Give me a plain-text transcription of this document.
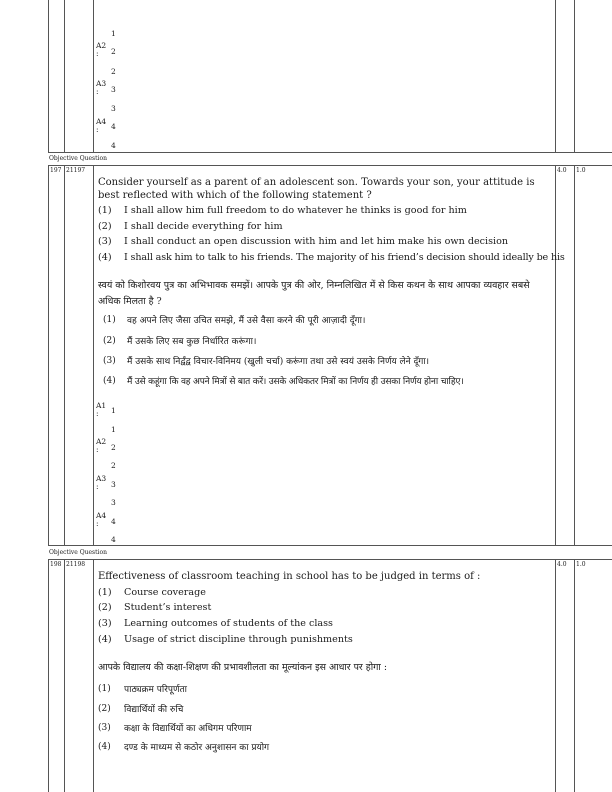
1
A2
:	2
2
A3
:	3
3
A4
:	4
4
Objective Question
197 21197	4.0 1.0
Consider yourself as a parent of an adolescent son. Towards your son, your attitude is best reflected with which of the following statement ?
(1) I shall allow him full freedom to do whatever he thinks is good for him
(2) I shall decide everything for him
(3) I shall conduct an open discussion with him and let him make his own decision
(4) I shall ask him to talk to his friends. The majority of his friend’s decision should ideally be his
स्वयं को किशोरवय पुत्र का अभिभावक समझें। आपके पुत्र की ओर, निम्नलिखित में से किस कथन के साथ आपका व्यवहार सबसे अधिक मिलता है ?
(1) वह अपने लिए जैसा उचित समझे, मैं उसे वैसा करने की पूरी आज़ादी दूँगा।
(2) मैं उसके लिए सब कुछ निर्धारित करूंगा।
(3) मैं उसके साथ निर्द्वंद्व विचार-विनिमय (खुली चर्चा) करूंगा तथा उसे स्वयं उसके निर्णय लेने दूँगा।
(4) मैं उसे कहूंगा कि वह अपने मित्रों से बात करें। उसके अधिकतर मित्रों का निर्णय ही उसका निर्णय होना चाहिए।
A1
:	1
1
A2
:	2
2
A3
:	3
3
A4
:	4
4
Objective Question
198 21198	4.0 1.0
Effectiveness of classroom teaching in school has to be judged in terms of :
(1) Course coverage
(2) Student’s interest
(3) Learning outcomes of students of the class
(4) Usage of strict discipline through punishments
आपके विद्यालय की कक्षा-शिक्षण की प्रभावशीलता का मूल्यांकन इस आधार पर होगा :
(1) पाठ्यक्रम परिपूर्णता
(2) विद्यार्थियों की रुचि
(3) कक्षा के विद्यार्थियों का अधिगम परिणाम
(4) दण्ड के माध्यम से कठोर अनुशासन का प्रयोग
